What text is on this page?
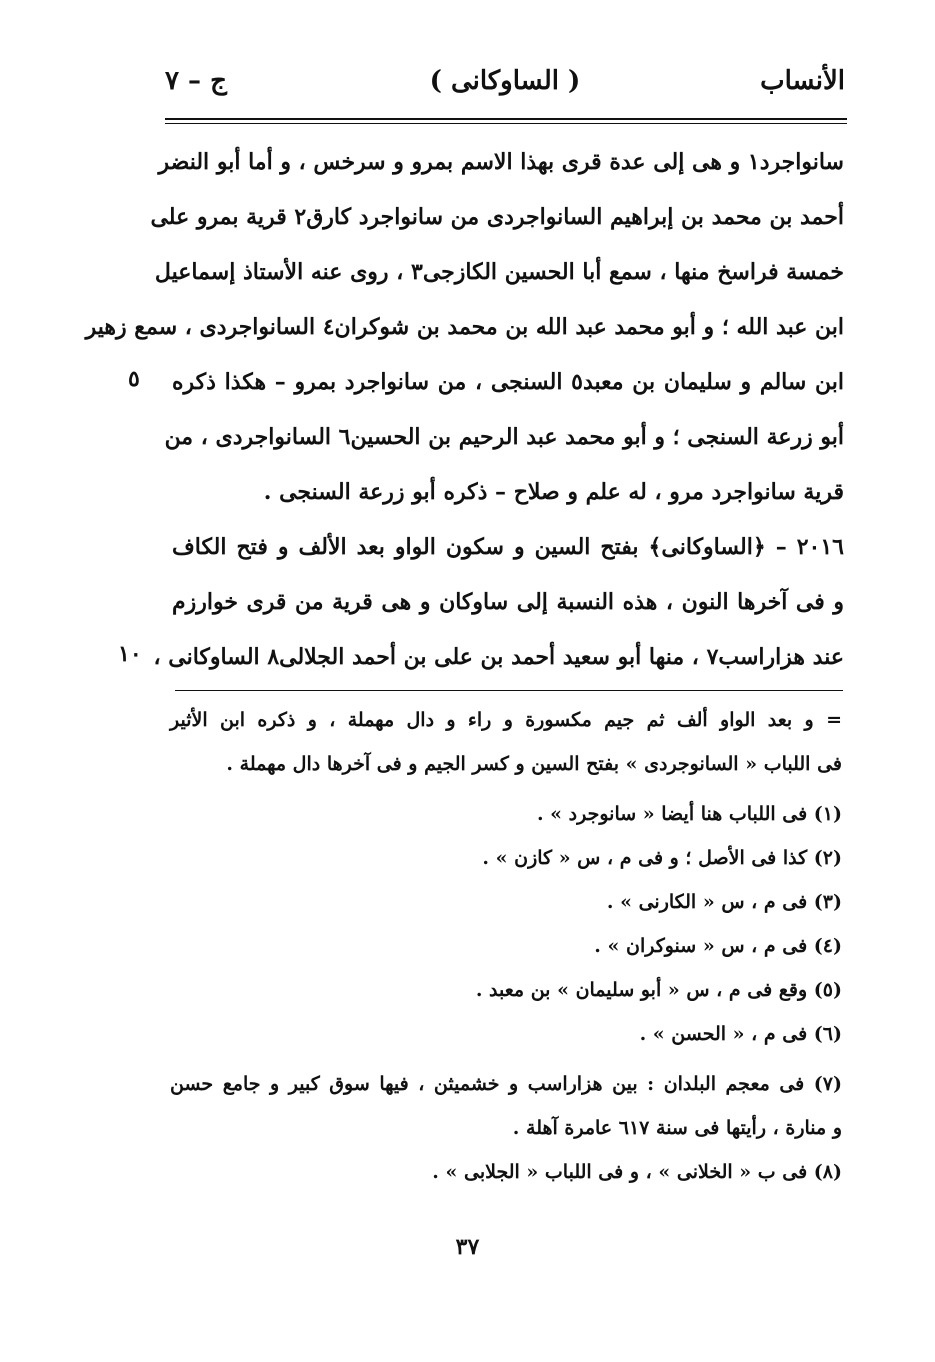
الأنساب
( الساوكانى )
ج – ٧
سانواجرد١ و هى إلى عدة قرى بهذا الاسم بمرو و سرخس ، و أما أبو النضر
أحمد بن محمد بن إبراهيم السانواجردى من سانواجرد كارق٢ قرية بمرو على
خمسة فراسخ منها ، سمع أبا الحسين الكازجى٣ ، روى عنه الأستاذ إسماعيل
ابن عبد الله ؛ و أبو محمد عبد الله بن محمد بن شوكران٤ السانواجردى ، سمع زهير
ابن سالم و سليمان بن معبد٥ السنجى ، من سانواجرد بمرو – هكذا ذكره
أبو زرعة السنجى ؛ و أبو محمد عبد الرحيم بن الحسين٦ السانواجردى ، من
قرية سانواجرد مرو ، له علم و صلاح – ذكره أبو زرعة السنجى .
٢٠١٦ – ﴿الساوكانى﴾ بفتح السين و سكون الواو بعد الألف و فتح الكاف
و فى آخرها النون ، هذه النسبة إلى ساوكان و هى قرية من قرى خوارزم
عند هزاراسب٧ ، منها أبو سعيد أحمد بن على بن أحمد الجلالى٨ الساوكانى ،
٥
١٠
= و بعد الواو ألف ثم جيم مكسورة و راء و دال مهملة ، و ذكره ابن الأثير
فى اللباب « السانوجردى » بفتح السين و كسر الجيم و فى آخرها دال مهملة .
(١) فى اللباب هنا أيضا « سانوجرد » .
(٢) كذا فى الأصل ؛ و فى م ، س « كازن » .
(٣) فى م ، س « الكارنى » .
(٤) فى م ، س « سنوكران » .
(٥) وقع فى م ، س « أبو سليمان » بن معبد .
(٦) فى م ، « الحسن » .
(٧) فى معجم البلدان : بين هزاراسب و خشميثن ، فيها سوق كبير و جامع حسن
و منارة ، رأيتها فى سنة ٦١٧ عامرة آهلة .
(٨) فى ب « الخلانى » ، و فى اللباب « الجلابى » .
٣٧
